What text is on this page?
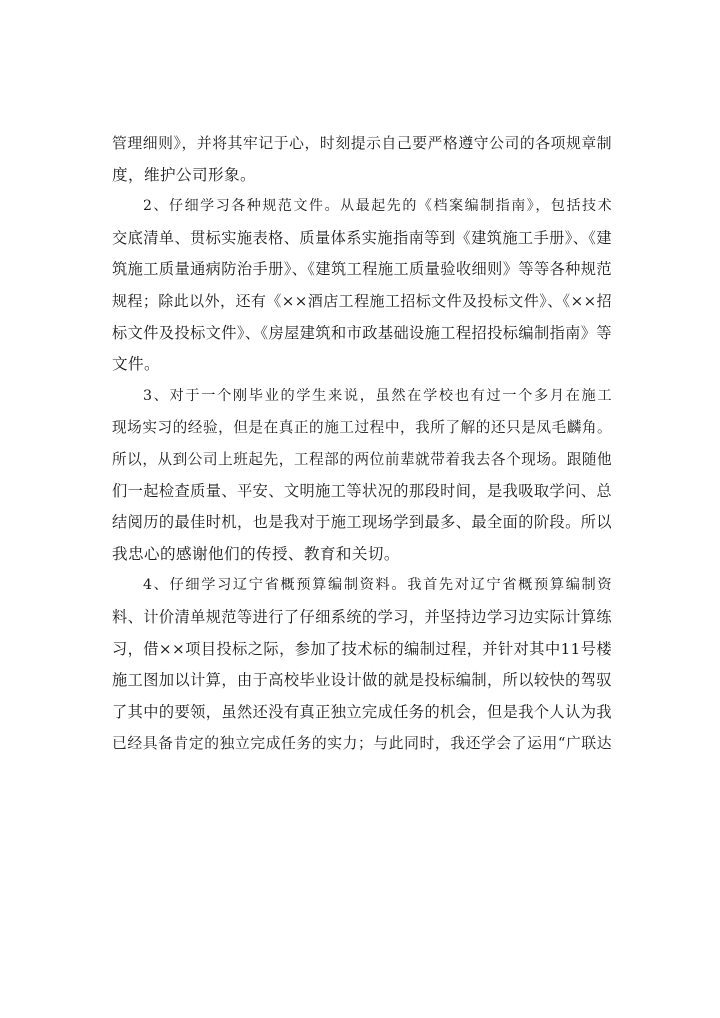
管理细则》，并将其牢记于心，时刻提示自己要严格遵守公司的各项规章制
度，维护公司形象。
2、仔细学习各种规范文件。从最起先的《档案编制指南》，包括技术
交底清单、贯标实施表格、质量体系实施指南等到《建筑施工手册》、《建
筑施工质量通病防治手册》、《建筑工程施工质量验收细则》等等各种规范
规程；除此以外，还有《××酒店工程施工招标文件及投标文件》、《××招
标文件及投标文件》、《房屋建筑和市政基础设施工程招投标编制指南》等
文件。
3、对于一个刚毕业的学生来说，虽然在学校也有过一个多月在施工
现场实习的经验，但是在真正的施工过程中，我所了解的还只是凤毛麟角。
所以，从到公司上班起先，工程部的两位前辈就带着我去各个现场。跟随他
们一起检查质量、平安、文明施工等状况的那段时间，是我吸取学问、总
结阅历的最佳时机，也是我对于施工现场学到最多、最全面的阶段。所以
我忠心的感谢他们的传授、教育和关切。
4、仔细学习辽宁省概预算编制资料。我首先对辽宁省概预算编制资
料、计价清单规范等进行了仔细系统的学习，并坚持边学习边实际计算练
习，借××项目投标之际，参加了技术标的编制过程，并针对其中11号楼
施工图加以计算，由于高校毕业设计做的就是投标编制，所以较快的驾驭
了其中的要领，虽然还没有真正独立完成任务的机会，但是我个人认为我
已经具备肯定的独立完成任务的实力；与此同时，我还学会了运用“广联达
